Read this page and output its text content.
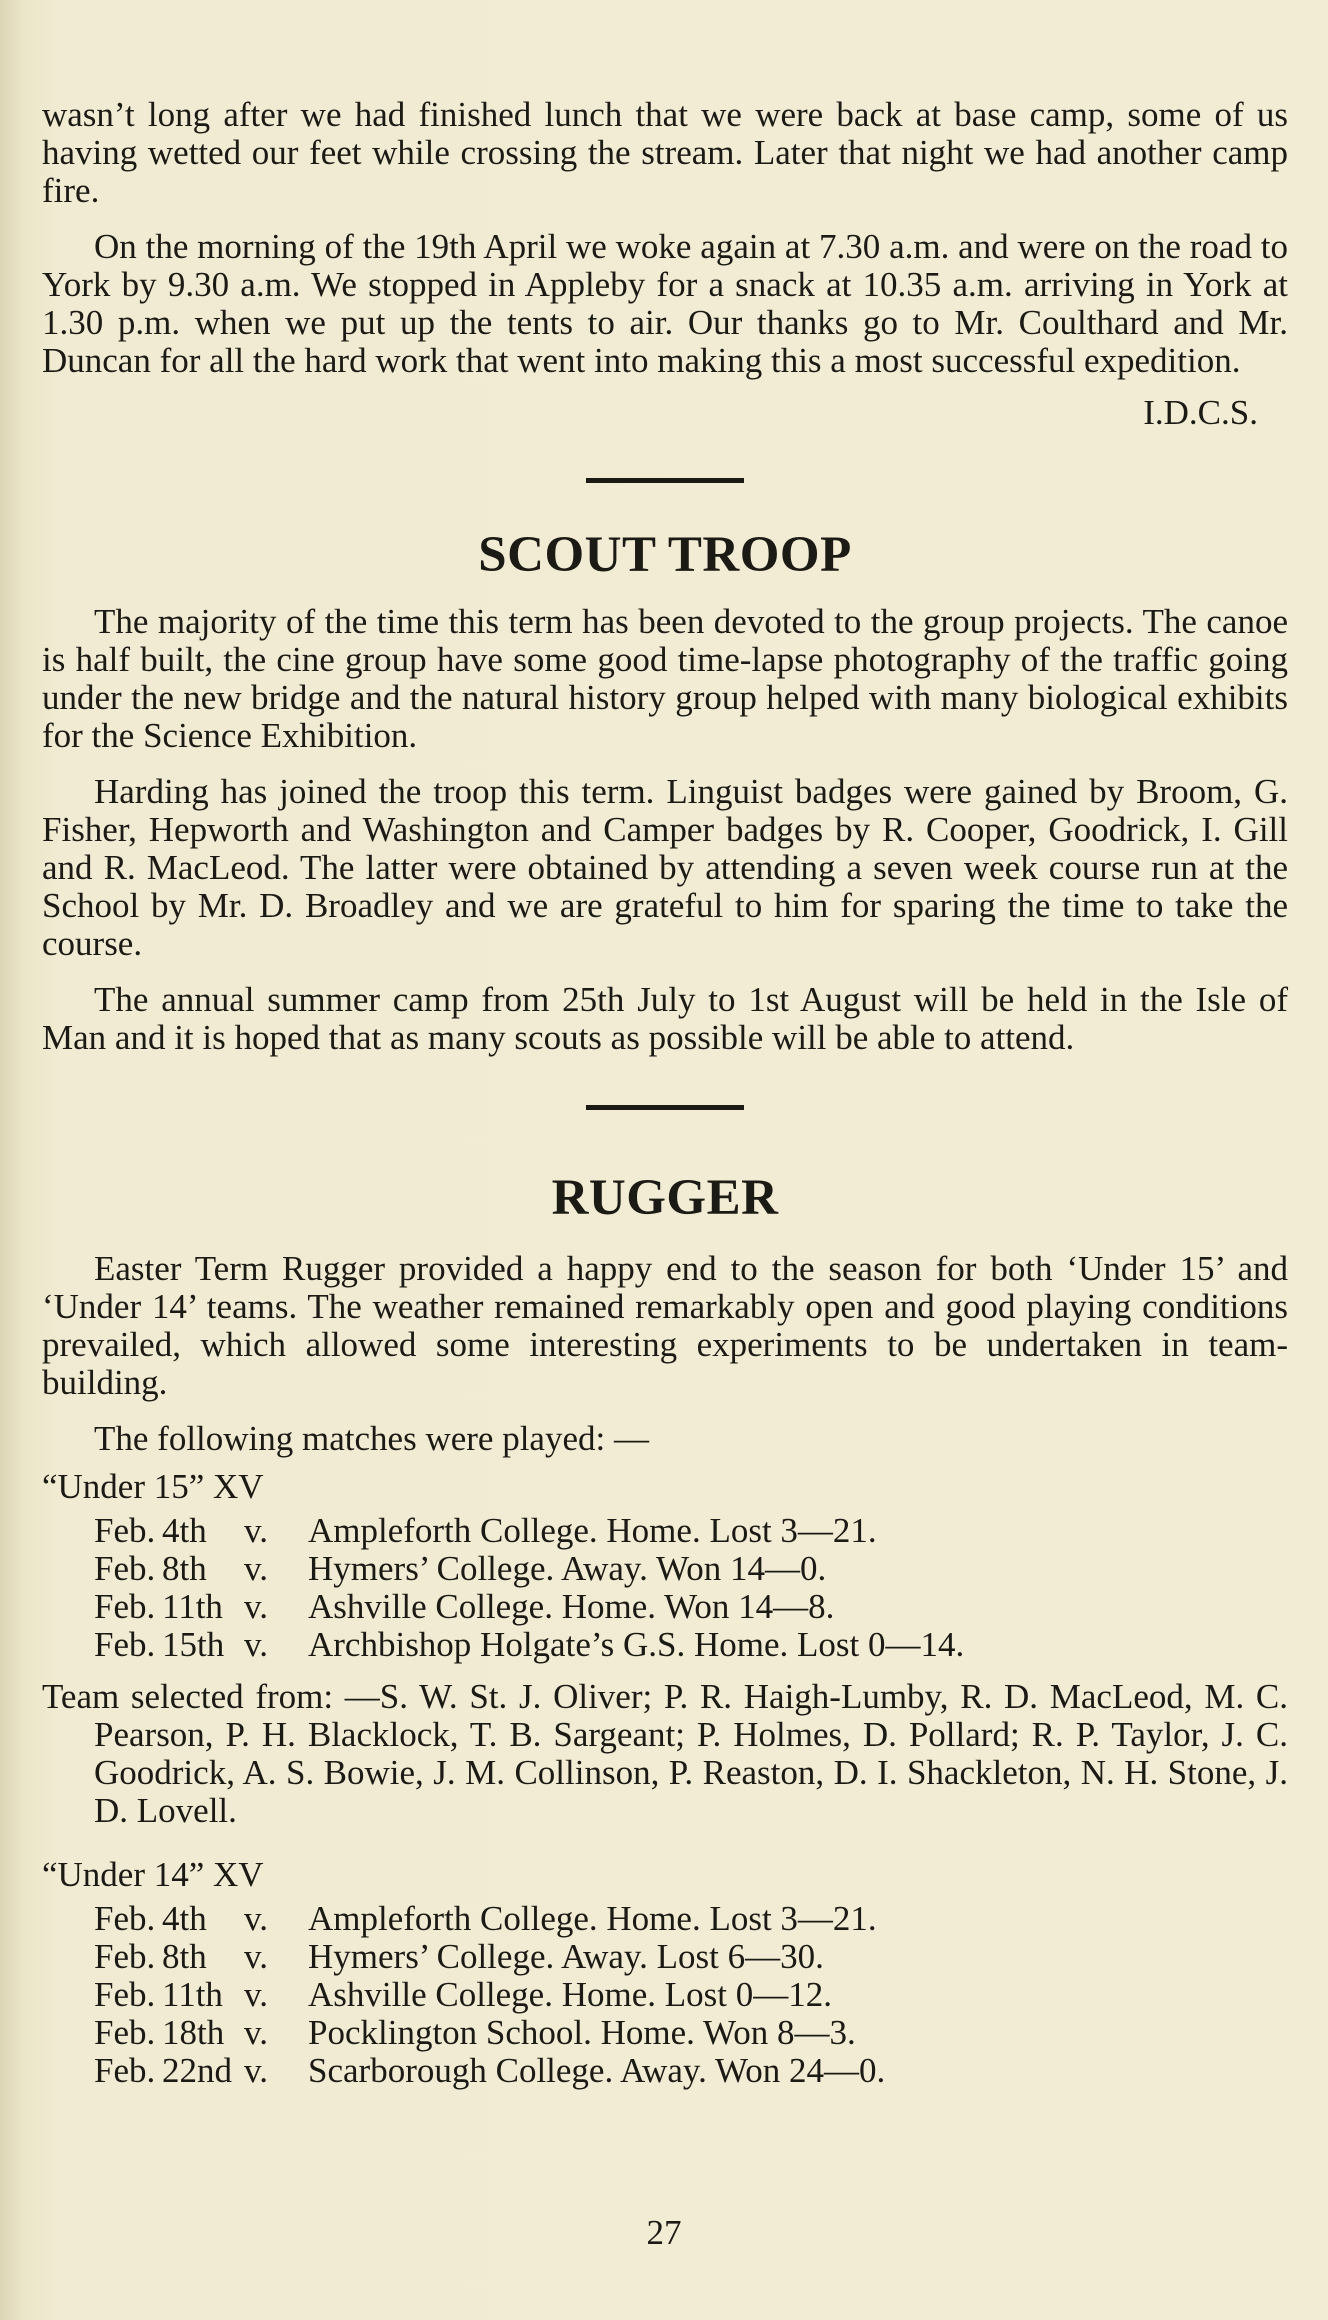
wasn’t long after we had finished lunch that we were back at base camp, some of us having wetted our feet while crossing the stream. Later that night we had another camp fire.

On the morning of the 19th April we woke again at 7.30 a.m. and were on the road to York by 9.30 a.m. We stopped in Appleby for a snack at 10.35 a.m. arriving in York at 1.30 p.m. when we put up the tents to air. Our thanks go to Mr. Coulthard and Mr. Duncan for all the hard work that went into making this a most successful expedition.

I.D.C.S.
SCOUT TROOP

The majority of the time this term has been devoted to the group projects. The canoe is half built, the cine group have some good time-lapse photography of the traffic going under the new bridge and the natural history group helped with many biological exhibits for the Science Exhibition.

Harding has joined the troop this term. Linguist badges were gained by Broom, G. Fisher, Hepworth and Washington and Camper badges by R. Cooper, Goodrick, I. Gill and R. MacLeod. The latter were obtained by attending a seven week course run at the School by Mr. D. Broadley and we are grateful to him for sparing the time to take the course.

The annual summer camp from 25th July to 1st August will be held in the Isle of Man and it is hoped that as many scouts as possible will be able to attend.

RUGGER

Easter Term Rugger provided a happy end to the season for both ‘Under 15’ and ‘Under 14’ teams. The weather remained remarkably open and good playing conditions prevailed, which allowed some interesting experiments to be undertaken in team-building.

The following matches were played: —

“Under 15” XV
Feb.	4th	v.	Ampleforth College. Home. Lost 3—21.
Feb.	8th	v.	Hymers’ College. Away. Won 14—0.
Feb.	11th	v.	Ashville College. Home. Won 14—8.
Feb.	15th	v.	Archbishop Holgate’s G.S. Home. Lost 0—14.
Team selected from: —S. W. St. J. Oliver; P. R. Haigh-Lumby, R. D. MacLeod, M. C. Pearson, P. H. Blacklock, T. B. Sargeant; P. Holmes, D. Pollard; R. P. Taylor, J. C. Goodrick, A. S. Bowie, J. M. Collinson, P. Reaston, D. I. Shackleton, N. H. Stone, J. D. Lovell.
“Under 14” XV
Feb.	4th	v.	Ampleforth College. Home. Lost 3—21.
Feb.	8th	v.	Hymers’ College. Away. Lost 6—30.
Feb.	11th	v.	Ashville College. Home. Lost 0—12.
Feb.	18th	v.	Pocklington School. Home. Won 8—3.
Feb.	22nd	v.	Scarborough College. Away. Won 24—0.
27
